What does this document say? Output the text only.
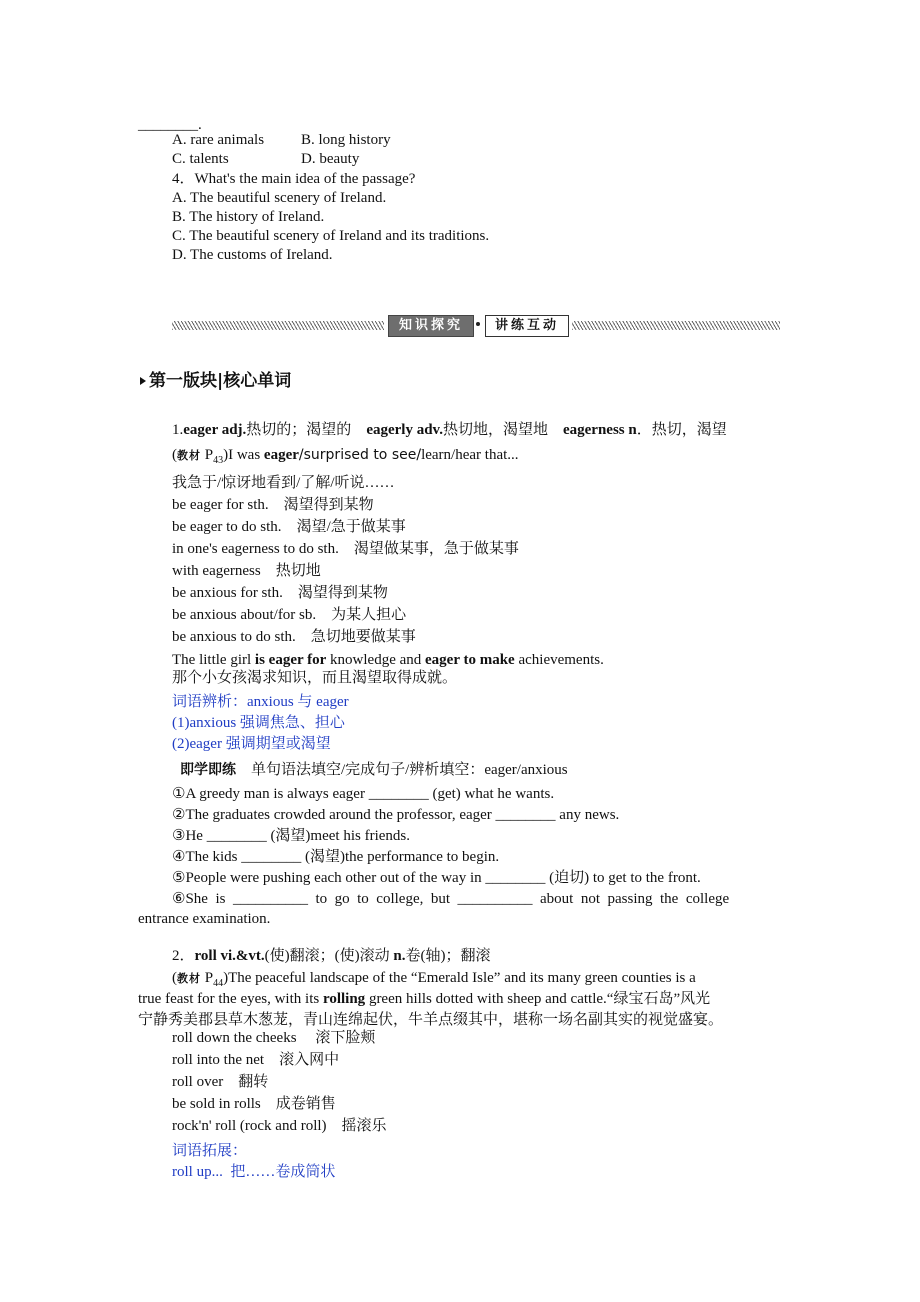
________.
A. rare animals B. long history
C. talents	D. beauty
4．What's the main idea of the passage?
A. The beautiful scenery of Ireland.
B. The history of Ireland.
C. The beautiful scenery of Ireland and its traditions.
D. The customs of Ireland.
知识探究	讲练互动
第一版块|核心单词
1.eager adj.热切的；渴望的 eagerly adv.热切地，渴望地 eagerness n．热切，渴望
(教材 $P_{43})I$ was eager/surprised to see/learn/hear that...
我急于/惊讶地看到/了解/听说……
be eager for sth. 渴望得到某物
be eager to do sth. 渴望/急于做某事
in one's eagerness to do sth. 渴望做某事，急于做某事
with eagerness 热切地
be anxious for sth. 渴望得到某物
be anxious about/for sb. 为某人担心
be anxious to do sth. 急切地要做某事
The little girl is eager for knowledge and eager to make achievements.
那个小女孩渴求知识，而且渴望取得成就。
词语辨析：anxious 与 eager
(1)anxious 强调焦急、担心
(2)eager 强调期望或渴望
即学即练 单句语法填空/完成句子/辨析填空：eager/anxious
①A greedy man is always eager ________ (get) what he wants.
②The graduates crowded around the professor, eager ________ any news.
③He ________ (渴望)meet his friends.
④The kids ________ (渴望)the performance to begin.
⑤People were pushing each other out of the way in ________ (迫切) to get to the front.
⑥She  is  __________  to  go  to  college,  but  __________  about  not  passing  the  college
entrance examination.
2．roll vi.&vt.(使)翻滚；(使)滚动 n.卷(轴)；翻滚
(教材 $P_{44})The$ peaceful landscape of the “Emerald Isle” and its many green counties is a
true feast for the eyes, with its rolling green hills dotted with sheep and cattle.“绿宝石岛”风光
宁静秀美郡县草木葱茏，青山连绵起伏，牛羊点缀其中，堪称一场名副其实的视觉盛宴。
roll down the cheeks 滚下脸颊
roll into the net 滚入网中
roll over 翻转
be sold in rolls 成卷销售
rock'n' roll (rock and roll) 摇滚乐
词语拓展：
roll up... 把……卷成筒状
